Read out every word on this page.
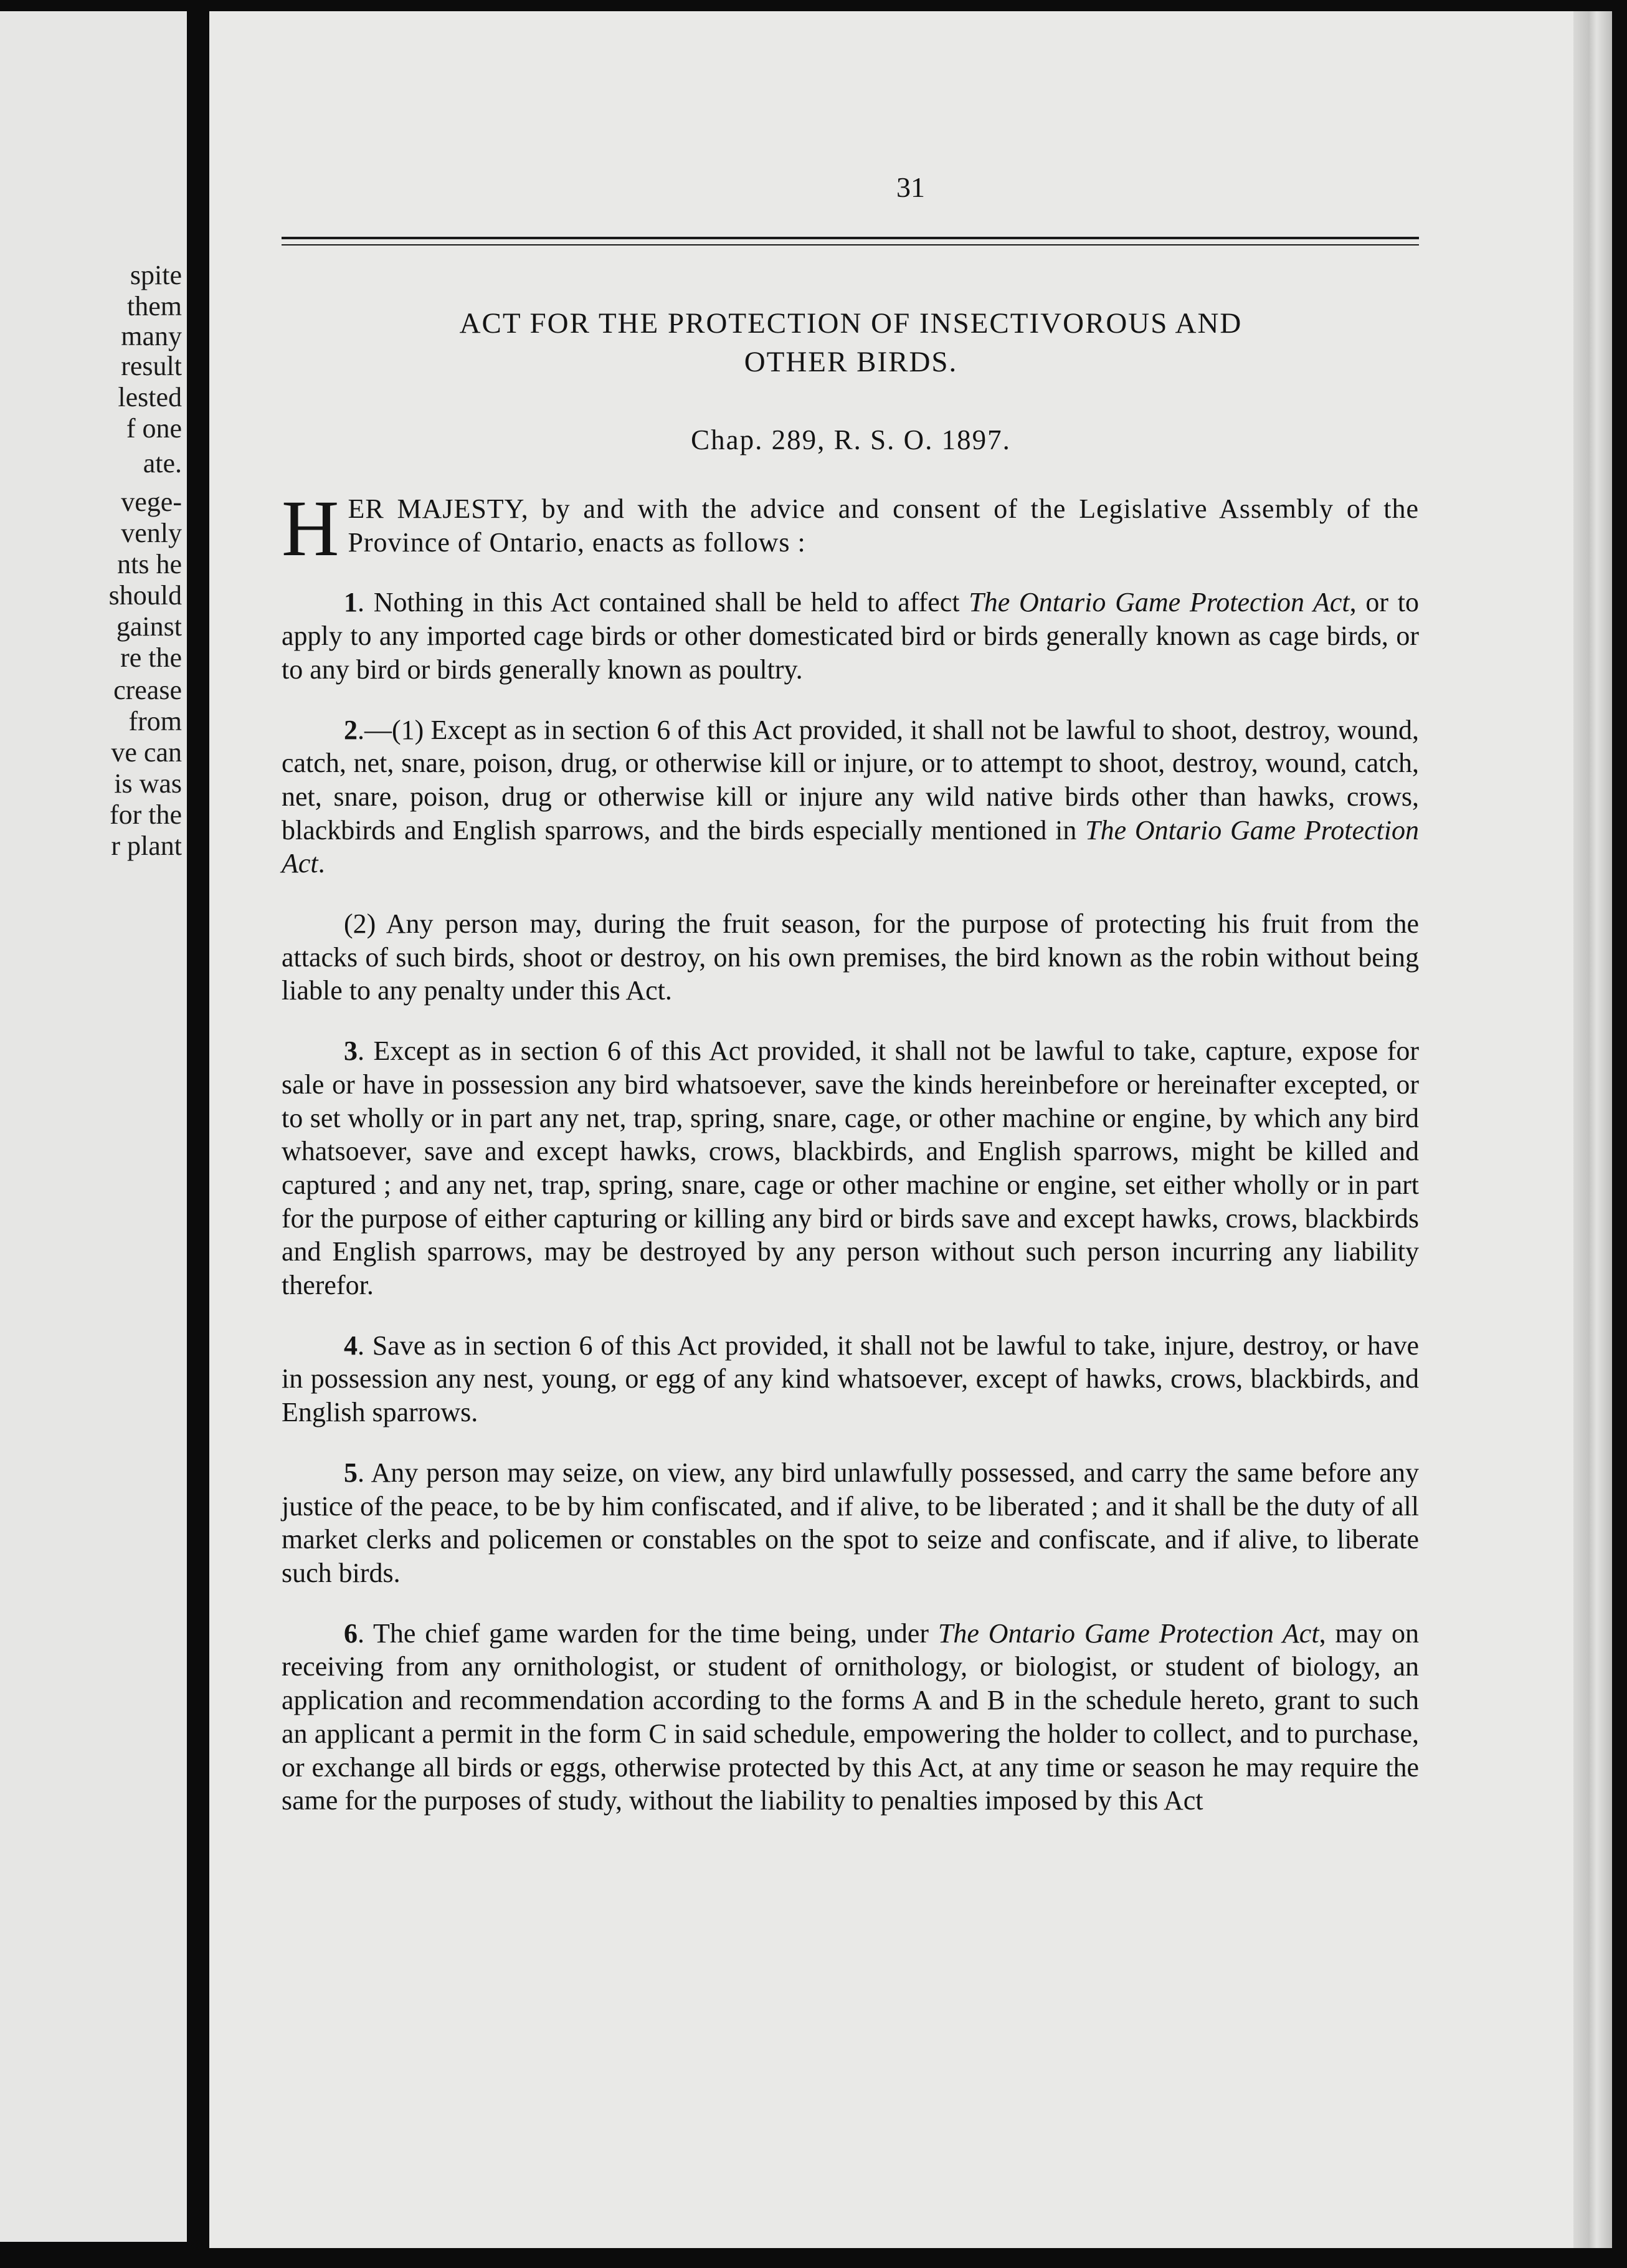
spite
them
many
result
lested
f one
ate.
vege-
venly
nts he
should
gainst
re the
crease
from
ve can
is was
for the
r plant
31
ACT FOR THE PROTECTION OF INSECTIVOROUS AND
OTHER BIRDS.
Chap. 289, R. S. O. 1897.

HER MAJESTY, by and with the advice and consent of the Legislative Assembly of the Province of Ontario, enacts as follows :

1. Nothing in this Act contained shall be held to affect The Ontario Game Protection Act, or to apply to any imported cage birds or other domesticated bird or birds generally known as cage birds, or to any bird or birds generally known as poultry.

2.—(1) Except as in section 6 of this Act provided, it shall not be lawful to shoot, destroy, wound, catch, net, snare, poison, drug, or otherwise kill or injure, or to attempt to shoot, destroy, wound, catch, net, snare, poison, drug or otherwise kill or injure any wild native birds other than hawks, crows, blackbirds and English sparrows, and the birds especially mentioned in The Ontario Game Protection Act.

(2) Any person may, during the fruit season, for the purpose of protecting his fruit from the attacks of such birds, shoot or destroy, on his own premises, the bird known as the robin without being liable to any penalty under this Act.

3. Except as in section 6 of this Act provided, it shall not be lawful to take, capture, expose for sale or have in possession any bird whatsoever, save the kinds hereinbefore or hereinafter excepted, or to set wholly or in part any net, trap, spring, snare, cage, or other machine or engine, by which any bird whatsoever, save and except hawks, crows, blackbirds, and English sparrows, might be killed and captured ; and any net, trap, spring, snare, cage or other machine or engine, set either wholly or in part for the purpose of either capturing or killing any bird or birds save and except hawks, crows, blackbirds and English sparrows, may be destroyed by any person without such person incurring any liability therefor.

4. Save as in section 6 of this Act provided, it shall not be lawful to take, injure, destroy, or have in possession any nest, young, or egg of any kind whatsoever, except of hawks, crows, blackbirds, and English sparrows.

5. Any person may seize, on view, any bird unlawfully possessed, and carry the same before any justice of the peace, to be by him confiscated, and if alive, to be liberated ; and it shall be the duty of all market clerks and policemen or constables on the spot to seize and confiscate, and if alive, to liberate such birds.

6. The chief game warden for the time being, under The Ontario Game Protection Act, may on receiving from any ornithologist, or student of ornithology, or biologist, or student of biology, an application and recommendation according to the forms A and B in the schedule hereto, grant to such an applicant a permit in the form C in said schedule, empowering the holder to collect, and to purchase, or exchange all birds or eggs, otherwise protected by this Act, at any time or season he may require the same for the purposes of study, without the liability to penalties imposed by this Act
